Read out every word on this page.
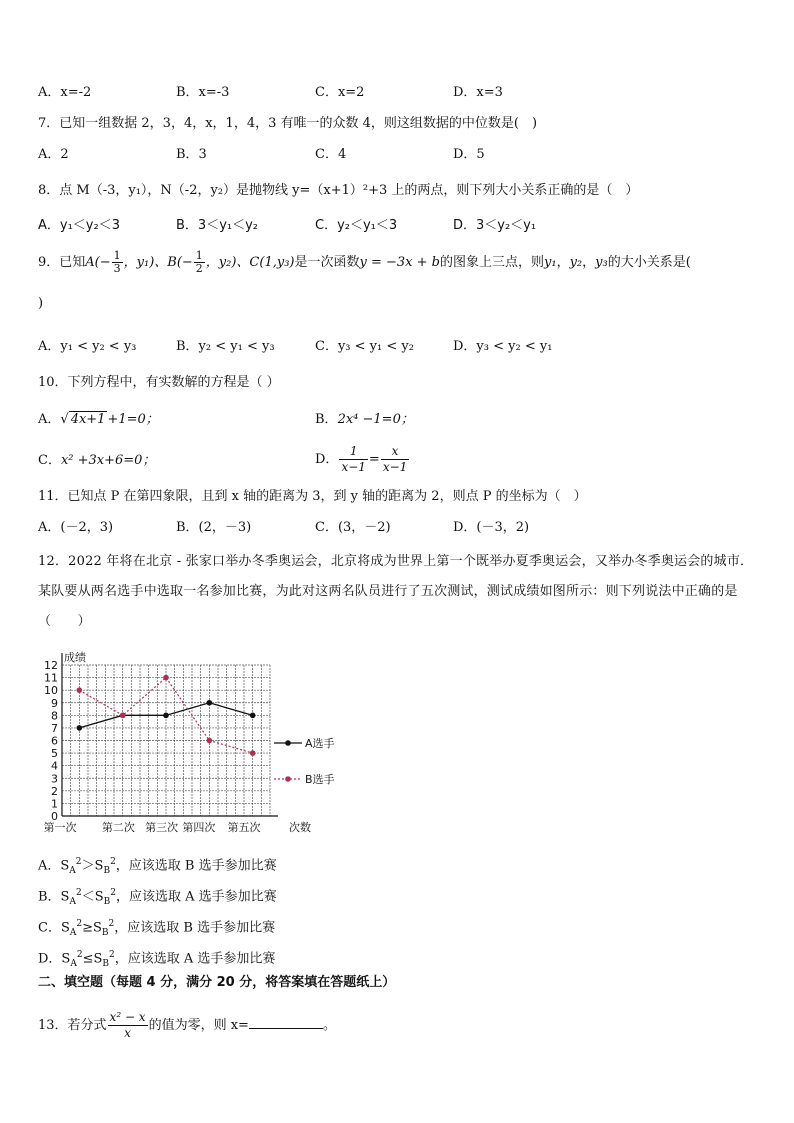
A．x=-2	B．x=-3	C．x=2	D．x=3
7．已知一组数据 2，3，4，x，1，4，3 有唯一的众数 4，则这组数据的中位数是(　)
A．2	B．3	C．4	D．5
8．点 M（-3，y₁），N（-2，y₂）是抛物线 y=（x+1）²+3 上的两点，则下列大小关系正确的是（　）
A．y₁＜y₂＜3	B．3＜y₁＜y₂	C．y₂＜y₁＜3	D．3＜y₂＜y₁
9．已知$A(- \frac{1}{3}$ ，y₁)、$B(- \frac{1}{2}$ ，y₂)、C(1,y₃)是一次函数y = −3x + b的图象上三点，则y₁，y₂，y₃的大小关系是(
)
A．y₁ < y₂ < y₃	B．y₂ < y₁ < y₃	C．y₃ < y₁ < y₂	D．y₃ < y₂ < y₁
10．下列方程中，有实数解的方程是（ ）
A．√ 4x+1 +1=0；	B．2x⁴ −1=0；
C．x² +3x+6=0；	D． $\frac{1}{x-1} = \frac{x}{x-1}$
11．已知点 P 在第四象限，且到 x 轴的距离为 3，到 y 轴的距离为 2，则点 P 的坐标为（　）
A．(－2，3)	B．(2，－3)	C．(3，－2)	D．(－3，2)
12．2022 年将在北京 - 张家口举办冬季奥运会，北京将成为世界上第一个既举办夏季奥运会，又举办冬季奥运会的城市．某队要从两名选手中选取一名参加比赛，为此对这两名队员进行了五次测试，测试成绩如图所示：则下列说法中正确的是（　　）
0
1
2
3
4
5
6
7
8
9
10
11
12
成绩
第一次 第二次 第三次 第四次 第五次	次数
A选手
B选手
A．$S_A^2>S_B^2$，应该选取 B 选手参加比赛
B．$S_A^2<S_B^2$，应该选取 A 选手参加比赛
C．$S_A^2\ge S_B^2$，应该选取 B 选手参加比赛
D．$S_A^2\le S_B^2$，应该选取 A 选手参加比赛
二、填空题（每题 4 分，满分 20 分，将答案填在答题纸上）
13．若分式 $\frac{\text{x² − x}}{x}$ 的值为零，则 x=	。
